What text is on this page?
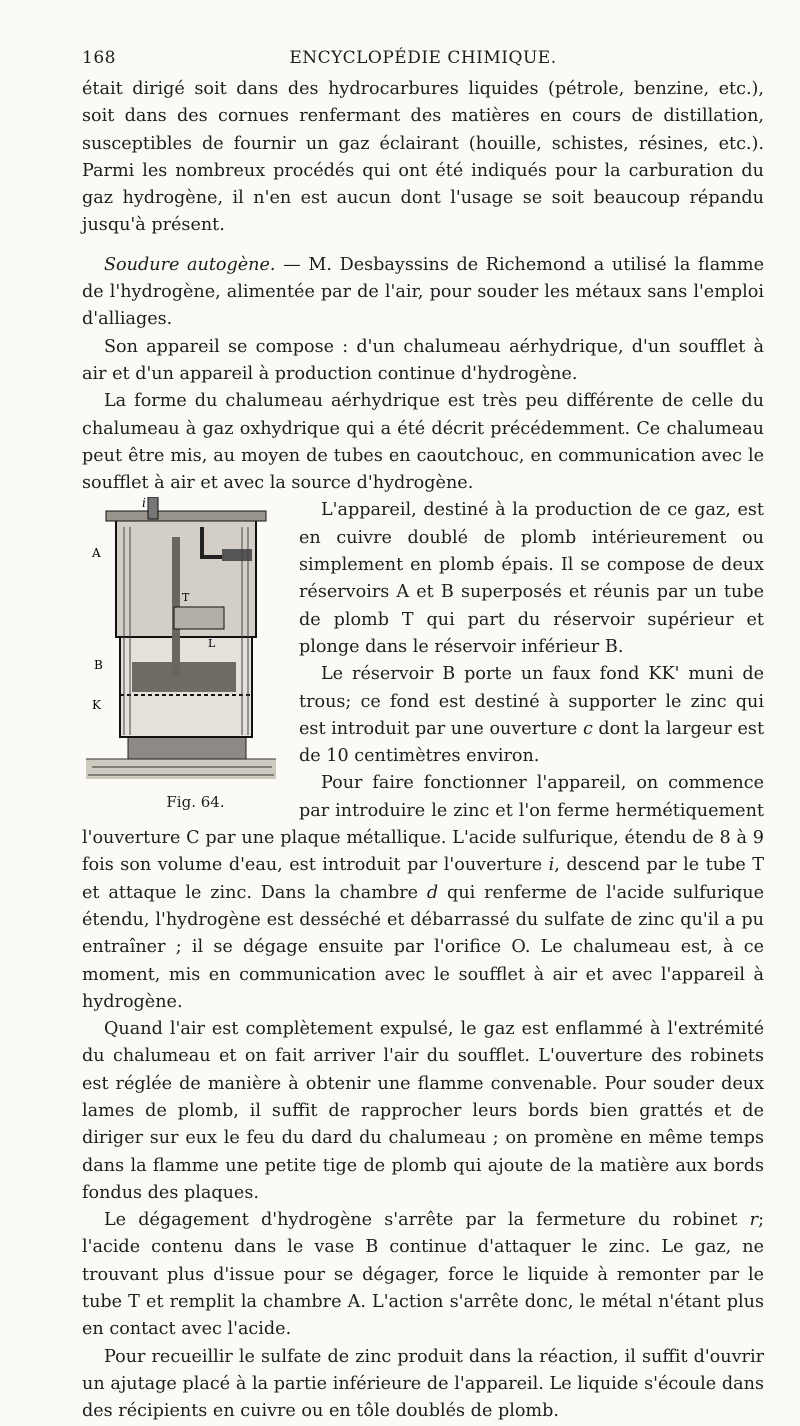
168	ENCYCLOPÉDIE CHIMIQUE.

était dirigé soit dans des hydrocarbures liquides (pétrole, benzine, etc.), soit dans des cornues renfermant des matières en cours de distillation, susceptibles de fournir un gaz éclairant (houille, schistes, résines, etc.). Parmi les nombreux procédés qui ont été indiqués pour la carburation du gaz hydrogène, il n'en est aucun dont l'usage se soit beaucoup répandu jusqu'à présent.

Soudure autogène. — M. Desbayssins de Richemond a utilisé la flamme de l'hydrogène, alimentée par de l'air, pour souder les métaux sans l'emploi d'alliages.

Son appareil se compose : d'un chalumeau aérhydrique, d'un soufflet à air et d'un appareil à production continue d'hydrogène.

La forme du chalumeau aérhydrique est très peu différente de celle du chalumeau à gaz oxhydrique qui a été décrit précédemment. Ce chalumeau peut être mis, au moyen de tubes en caoutchouc, en communication avec le soufflet à air et avec la source d'hydrogène.

i
A
T
L
B
K
Fig. 64.
L'appareil, destiné à la production de ce gaz, est en cuivre doublé de plomb intérieurement ou simplement en plomb épais. Il se compose de deux réservoirs A et B superposés et réunis par un tube de plomb T qui part du réservoir supérieur et plonge dans le réservoir inférieur B.

Le réservoir B porte un faux fond KK' muni de trous; ce fond est destiné à supporter le zinc qui est introduit par une ouverture c dont la largeur est de 10 centimètres environ.

Pour faire fonctionner l'appareil, on commence par introduire le zinc et l'on ferme hermétiquement l'ouverture C par une plaque métallique. L'acide sulfurique, étendu de 8 à 9 fois son volume d'eau, est introduit par l'ouverture i, descend par le tube T et attaque le zinc. Dans la chambre d qui renferme de l'acide sulfurique étendu, l'hydrogène est desséché et débarrassé du sulfate de zinc qu'il a pu entraîner ; il se dégage ensuite par l'orifice O. Le chalumeau est, à ce moment, mis en communication avec le soufflet à air et avec l'appareil à hydrogène.

Quand l'air est complètement expulsé, le gaz est enflammé à l'extrémité du chalumeau et on fait arriver l'air du soufflet. L'ouverture des robinets est réglée de manière à obtenir une flamme convenable. Pour souder deux lames de plomb, il suffit de rapprocher leurs bords bien grattés et de diriger sur eux le feu du dard du chalumeau ; on promène en même temps dans la flamme une petite tige de plomb qui ajoute de la matière aux bords fondus des plaques.

Le dégagement d'hydrogène s'arrête par la fermeture du robinet r; l'acide contenu dans le vase B continue d'attaquer le zinc. Le gaz, ne trouvant plus d'issue pour se dégager, force le liquide à remonter par le tube T et remplit la chambre A. L'action s'arrête donc, le métal n'étant plus en contact avec l'acide.

Pour recueillir le sulfate de zinc produit dans la réaction, il suffit d'ouvrir un ajutage placé à la partie inférieure de l'appareil. Le liquide s'écoule dans des récipients en cuivre ou en tôle doublés de plomb.
